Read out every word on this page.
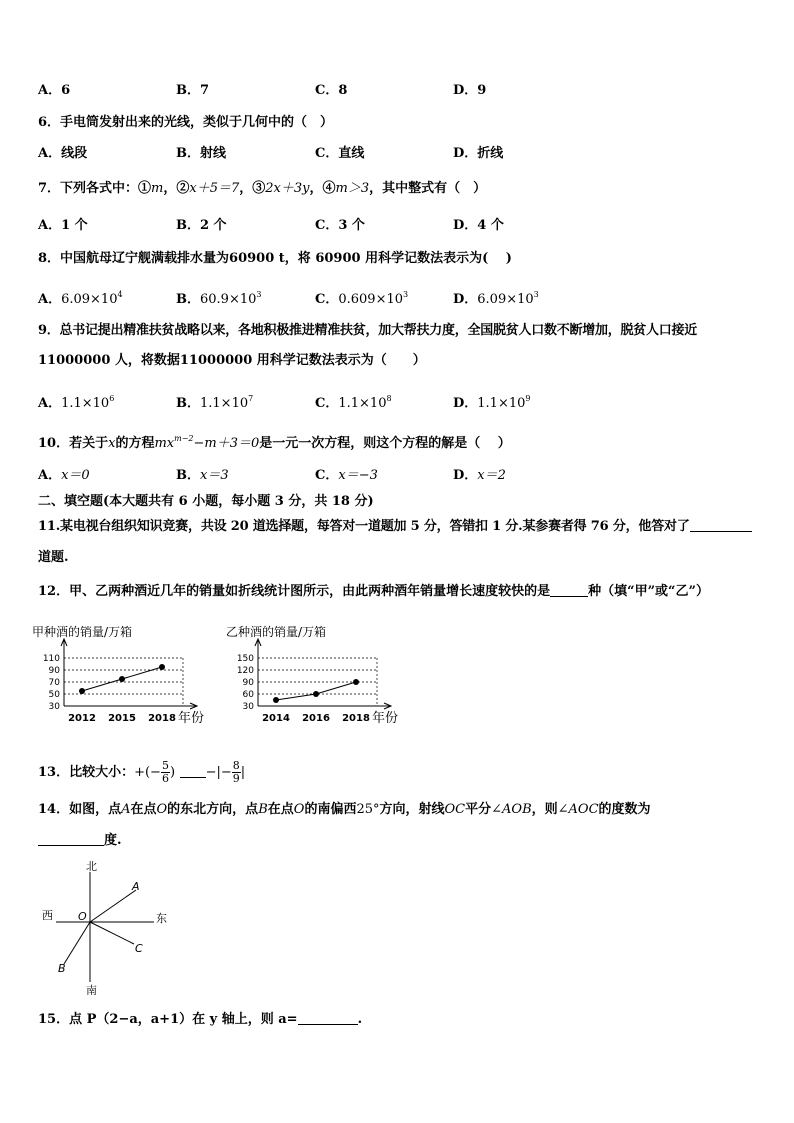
A．6	B．7	C．8	D．9
6．手电筒发射出来的光线，类似于几何中的（　）
A．线段	B．射线	C．直线	D．折线
7．下列各式中：①m，②x＋5＝7，③2x＋3y，④m＞3，其中整式有（　）
A．1 个	B．2 个	C．3 个	D．4 个
8．中国航母辽宁舰满载排水量为60900 t，将 60900 用科学记数法表示为(　 )
A．$6.09\times 10^4$	B．$60.9\times 10^3$	C．$0.609\times 10^3$	D．$6.09\times 10^3$
9．总书记提出精准扶贫战略以来，各地积极推进精准扶贫，加大帮扶力度，全国脱贫人口数不断增加，脱贫人口接近
11000000 人，将数据11000000 用科学记数法表示为（　　）
A．$1.1\times 10^6$	B．$1.1\times 10^7$	C．$1.1\times 10^8$	D．$1.1\times 10^9$
10．若关于x的方程$mx^{m-2}-m+3=0$是一元一次方程，则这个方程的解是（　 ）
A．x＝0	B．x＝3	C．x＝−3	D．x＝2
二、填空题(本大题共有 6 小题，每小题 3 分，共 18 分)
11.某电视台组织知识竞赛，共设 20 道选择题，每答对一道题加 5 分，答错扣 1 分.某参赛者得 76 分，他答对了
道题.
12．甲、乙两种酒近几年的销量如折线统计图所示，由此两种酒年销量增长速度较快的是	种（填“甲”或“乙”）
甲种酒的销量/万箱
30
50
70
90
110
2012 2015 2018 年份
乙种酒的销量/万箱
30
60
90
120
150
2014 2016 2018 年份
13．比较大小：+(− $\frac{5}{6}$ ) −|− $\frac{8}{9}$ |
14．如图，点A在点O的东北方向，点B在点O的南偏西25°方向，射线OC平分∠AOB，则∠AOC的度数为
度.
北
南
西	东
A
B
C
O
15．点 P（2−a，a+1）在 y 轴上，则 a=	.
